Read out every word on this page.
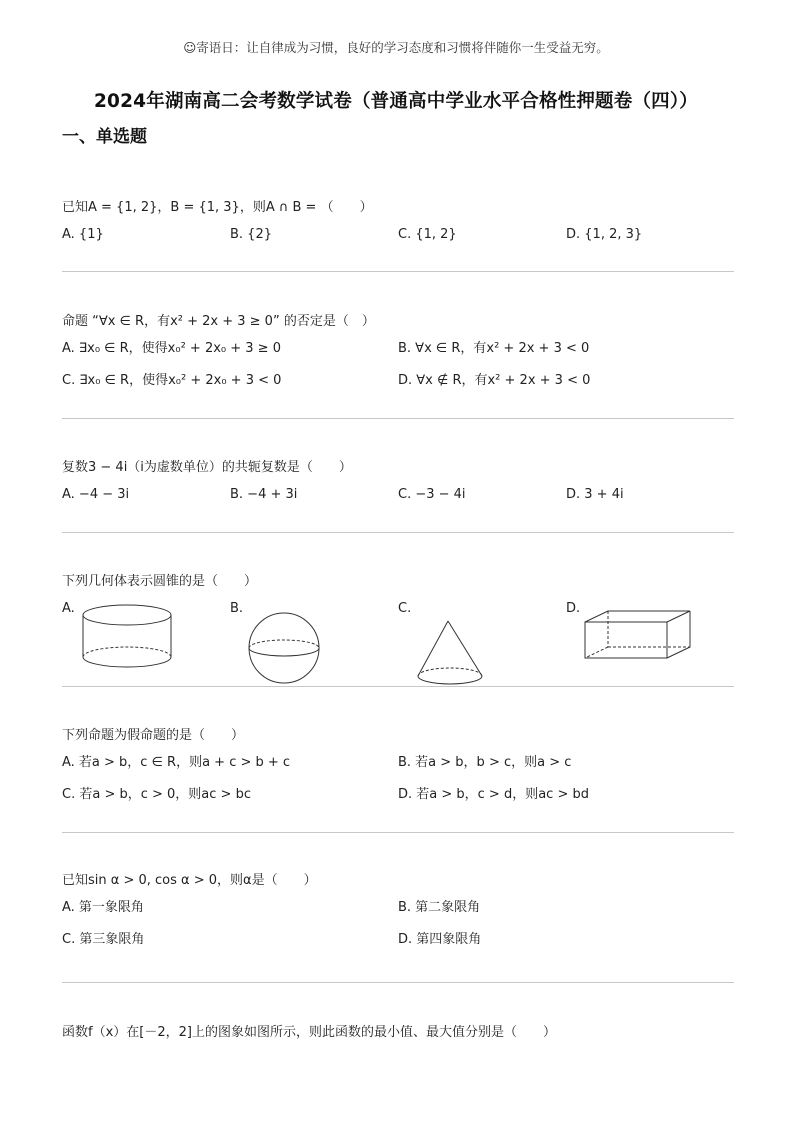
☺寄语日：让自律成为习惯，良好的学习态度和习惯将伴随你一生受益无穷。
2024年湖南高二会考数学试卷（普通高中学业水平合格性押题卷（四））
一、单选题
已知A = {1, 2}，B = {1, 3}，则A ∩ B = （　　）
A. {1}	B. {2}	C. {1, 2}	D. {1, 2, 3}
命题 “∀x ∈ R，有x² + 2x + 3 ≥ 0” 的否定是（　）
A. ∃x₀ ∈ R，使得x₀² + 2x₀ + 3 ≥ 0	B. ∀x ∈ R，有x² + 2x + 3 < 0
C. ∃x₀ ∈ R，使得x₀² + 2x₀ + 3 < 0	D. ∀x ∉ R，有x² + 2x + 3 < 0
复数3 − 4i（i为虚数单位）的共轭复数是（　　）
A. −4 − 3i	B. −4 + 3i	C. −3 − 4i	D. 3 + 4i
下列几何体表示圆锥的是（　　）
A.	B.	C.	D.
下列命题为假命题的是（　　）
A. 若a > b，c ∈ R，则a + c > b + c	B. 若a > b，b > c，则a > c
C. 若a > b，c > 0，则ac > bc	D. 若a > b，c > d，则ac > bd
已知sin α > 0, cos α > 0，则α是（　　）
A. 第一象限角	B. 第二象限角
C. 第三象限角	D. 第四象限角
函数f（x）在[－2，2]上的图象如图所示，则此函数的最小值、最大值分别是（　　）
